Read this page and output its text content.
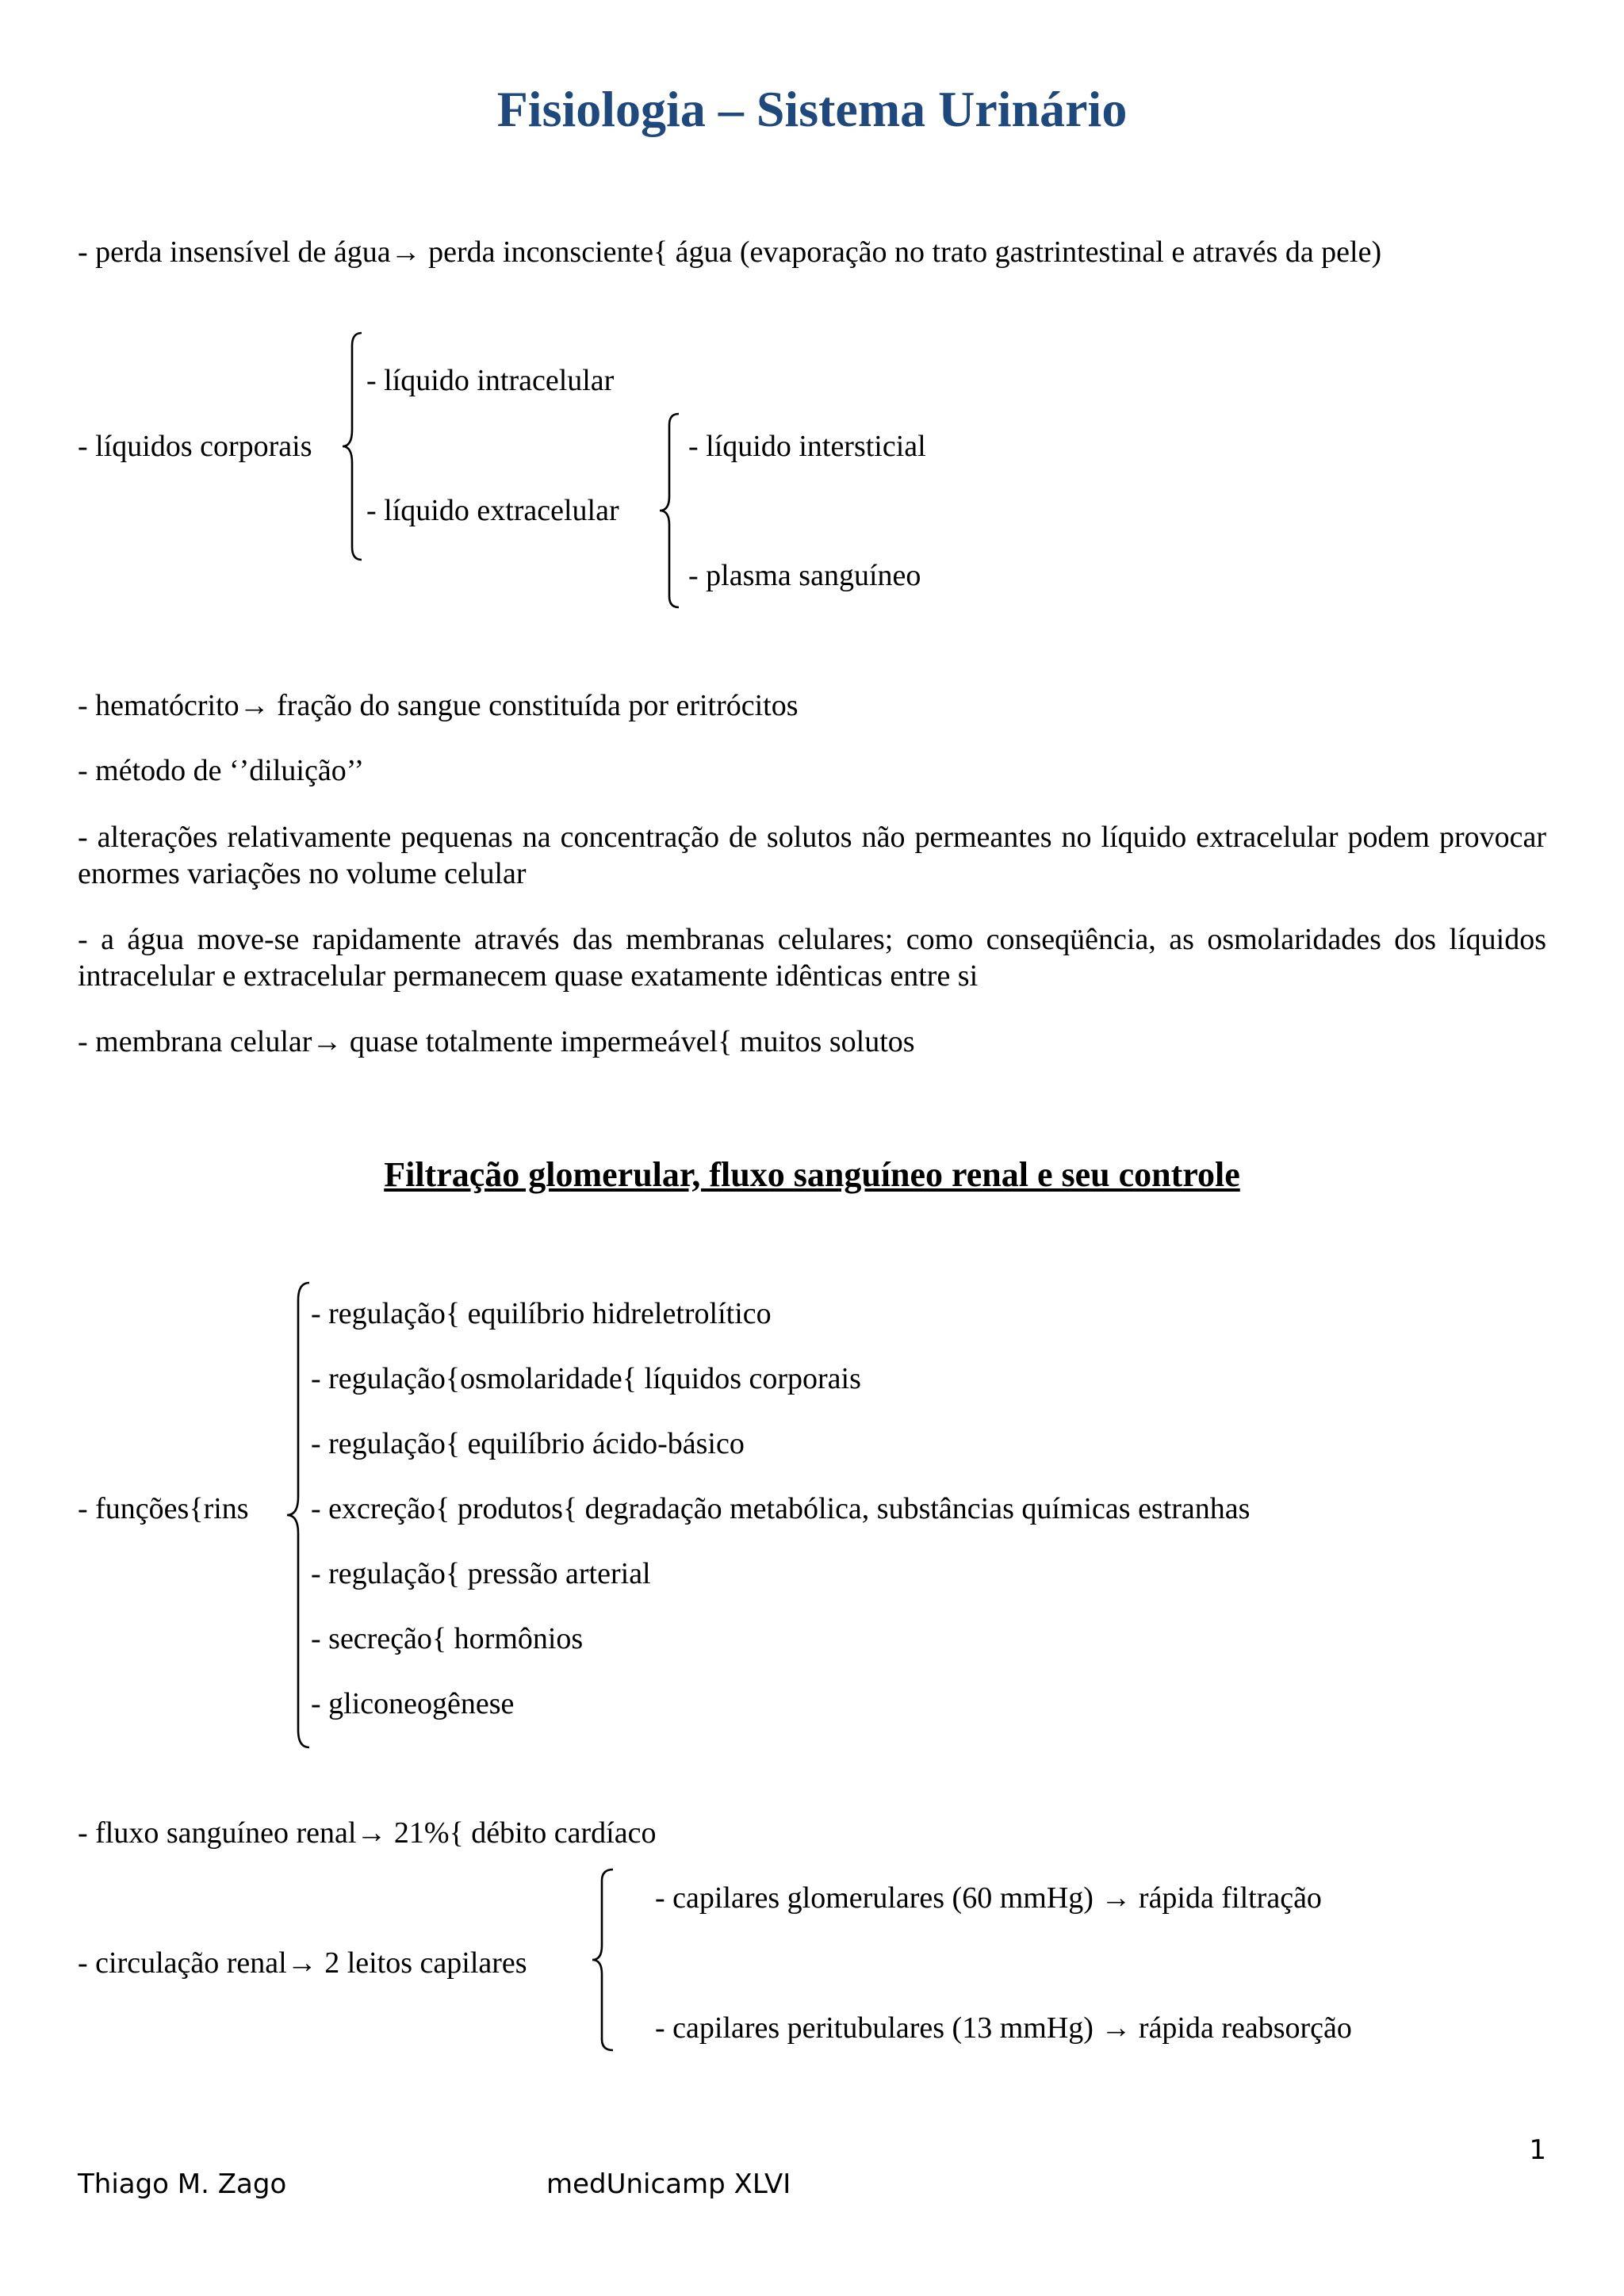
Fisiologia – Sistema Urinário
- perda insensível de água→ perda inconsciente{ água (evaporação no trato gastrintestinal e através da pele)
- líquidos corporais
- líquido intracelular
- líquido extracelular
- líquido intersticial
- plasma sanguíneo
- hematócrito→ fração do sangue constituída por eritrócitos
- método de ‘’diluição’’
- alterações relativamente pequenas na concentração de solutos não permeantes no líquido extracelular podem provocar enormes variações no volume celular
- a água move-se rapidamente através das membranas celulares; como conseqüência, as osmolaridades dos líquidos intracelular e extracelular permanecem quase exatamente idênticas entre si
- membrana celular→ quase totalmente impermeável{ muitos solutos
Filtração glomerular, fluxo sanguíneo renal e seu controle
- funções{rins
- regulação{ equilíbrio hidreletrolítico
- regulação{osmolaridade{ líquidos corporais
- regulação{ equilíbrio ácido-básico
- excreção{ produtos{ degradação metabólica, substâncias químicas estranhas
- regulação{ pressão arterial
- secreção{ hormônios
- gliconeogênese
- fluxo sanguíneo renal→ 21%{ débito cardíaco
- circulação renal→ 2 leitos capilares
- capilares glomerulares (60 mmHg) → rápida filtração
- capilares peritubulares (13 mmHg) → rápida reabsorção
1
Thiago M. Zago	medUnicamp XLVI
